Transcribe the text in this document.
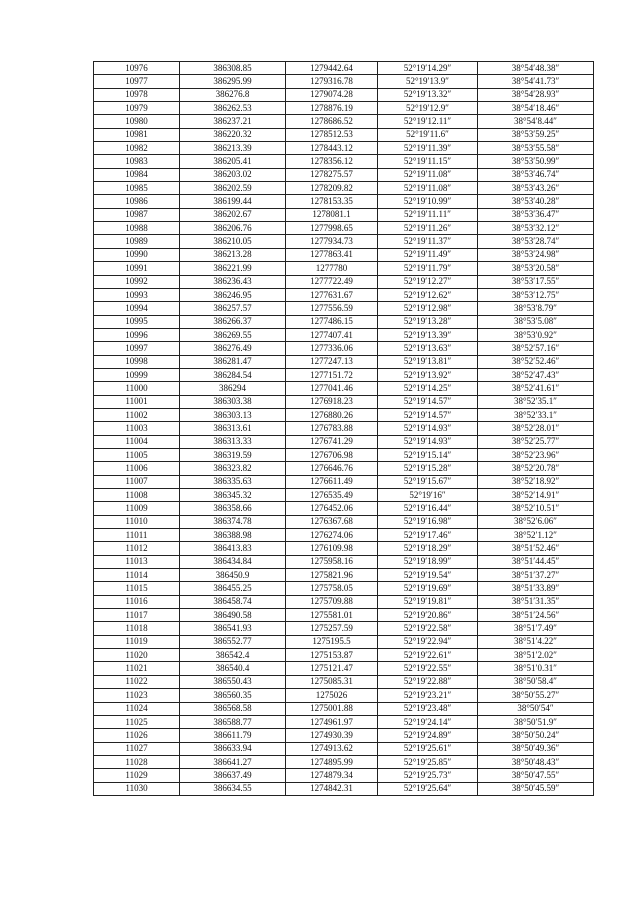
10976	386308.85	1279442.64	52°19′14.29″	38°54′48.38″
10977	386295.99	1279316.78	52°19′13.9″	38°54′41.73″
10978	386276.8	1279074.28	52°19′13.32″	38°54′28.93″
10979	386262.53	1278876.19	52°19′12.9″	38°54′18.46″
10980	386237.21	1278686.52	52°19′12.11″	38°54′8.44″
10981	386220.32	1278512.53	52°19′11.6″	38°53′59.25″
10982	386213.39	1278443.12	52°19′11.39″	38°53′55.58″
10983	386205.41	1278356.12	52°19′11.15″	38°53′50.99″
10984	386203.02	1278275.57	52°19′11.08″	38°53′46.74″
10985	386202.59	1278209.82	52°19′11.08″	38°53′43.26″
10986	386199.44	1278153.35	52°19′10.99″	38°53′40.28″
10987	386202.67	1278081.1	52°19′11.11″	38°53′36.47″
10988	386206.76	1277998.65	52°19′11.26″	38°53′32.12″
10989	386210.05	1277934.73	52°19′11.37″	38°53′28.74″
10990	386213.28	1277863.41	52°19′11.49″	38°53′24.98″
10991	386221.99	1277780	52°19′11.79″	38°53′20.58″
10992	386236.43	1277722.49	52°19′12.27″	38°53′17.55″
10993	386246.95	1277631.67	52°19′12.62″	38°53′12.75″
10994	386257.57	1277556.59	52°19′12.98″	38°53′8.79″
10995	386266.37	1277486.15	52°19′13.28″	38°53′5.08″
10996	386269.55	1277407.41	52°19′13.39″	38°53′0.92″
10997	386276.49	1277336.06	52°19′13.63″	38°52′57.16″
10998	386281.47	1277247.13	52°19′13.81″	38°52′52.46″
10999	386284.54	1277151.72	52°19′13.92″	38°52′47.43″
11000	386294	1277041.46	52°19′14.25″	38°52′41.61″
11001	386303.38	1276918.23	52°19′14.57″	38°52′35.1″
11002	386303.13	1276880.26	52°19′14.57″	38°52′33.1″
11003	386313.61	1276783.88	52°19′14.93″	38°52′28.01″
11004	386313.33	1276741.29	52°19′14.93″	38°52′25.77″
11005	386319.59	1276706.98	52°19′15.14″	38°52′23.96″
11006	386323.82	1276646.76	52°19′15.28″	38°52′20.78″
11007	386335.63	1276611.49	52°19′15.67″	38°52′18.92″
11008	386345.32	1276535.49	52°19′16″	38°52′14.91″
11009	386358.66	1276452.06	52°19′16.44″	38°52′10.51″
11010	386374.78	1276367.68	52°19′16.98″	38°52′6.06″
11011	386388.98	1276274.06	52°19′17.46″	38°52′1.12″
11012	386413.83	1276109.98	52°19′18.29″	38°51′52.46″
11013	386434.84	1275958.16	52°19′18.99″	38°51′44.45″
11014	386450.9	1275821.96	52°19′19.54″	38°51′37.27″
11015	386455.25	1275758.05	52°19′19.69″	38°51′33.89″
11016	386458.74	1275709.88	52°19′19.81″	38°51′31.35″
11017	386490.58	1275581.01	52°19′20.86″	38°51′24.56″
11018	386541.93	1275257.59	52°19′22.58″	38°51′7.49″
11019	386552.77	1275195.5	52°19′22.94″	38°51′4.22″
11020	386542.4	1275153.87	52°19′22.61″	38°51′2.02″
11021	386540.4	1275121.47	52°19′22.55″	38°51′0.31″
11022	386550.43	1275085.31	52°19′22.88″	38°50′58.4″
11023	386560.35	1275026	52°19′23.21″	38°50′55.27″
11024	386568.58	1275001.88	52°19′23.48″	38°50′54″
11025	386588.77	1274961.97	52°19′24.14″	38°50′51.9″
11026	386611.79	1274930.39	52°19′24.89″	38°50′50.24″
11027	386633.94	1274913.62	52°19′25.61″	38°50′49.36″
11028	386641.27	1274895.99	52°19′25.85″	38°50′48.43″
11029	386637.49	1274879.34	52°19′25.73″	38°50′47.55″
11030	386634.55	1274842.31	52°19′25.64″	38°50′45.59″
